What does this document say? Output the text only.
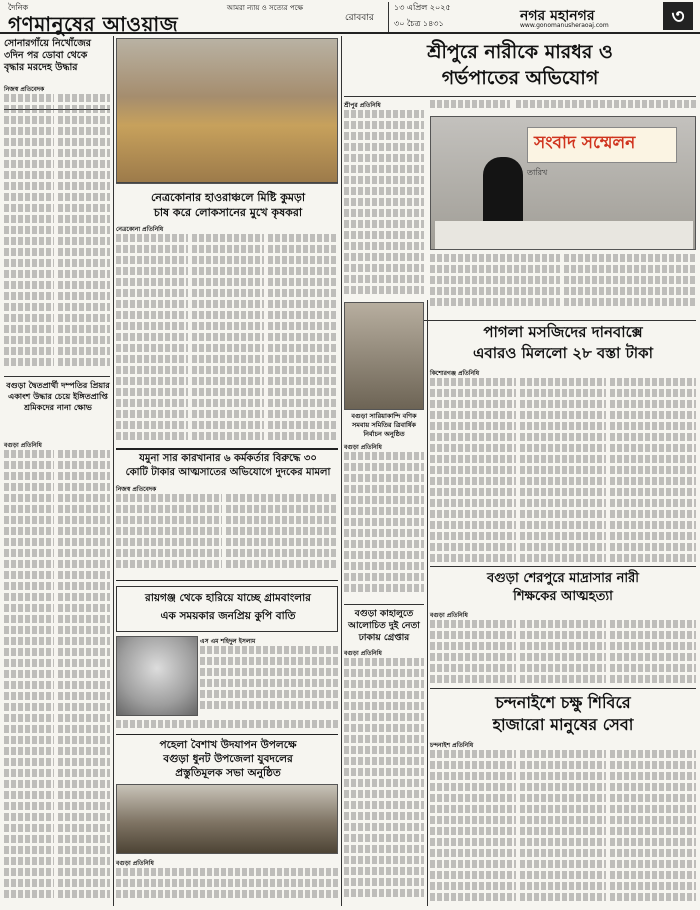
দৈনিক
গণমানুষের আওয়াজ
আমরা ন্যায় ও সত্যের পক্ষে
রোববার
১৩ এপ্রিল ২০২৫
৩০ চৈত্র ১৪৩১	নগর মহানগর
www.gonomanusheraoaj.com	৩
সোনারগাঁয়ে নিখোঁজের ৩দিন পর ডোবা থেকে বৃদ্ধার মরদেহ উদ্ধার
নিজস্ব প্রতিবেদক
বগুড়া দ্বৈতপ্রার্থী দম্পতির প্রিয়ার একাংশ উদ্ধার চেয়ে ইঙ্গিতপ্রাপ্তি শ্রমিকদের নানা ক্ষোভ
বগুড়া প্রতিনিধি
নেত্রকোনার হাওরাঞ্চলে মিষ্টি কুমড়া
চাষ করে লোকসানের মুখে কৃষকরা
নেত্রকোনা প্রতিনিধি
যমুনা সার কারখানার ৬ কর্মকর্তার বিরুদ্ধে ৩০
কোটি টাকার আত্মসাতের অভিযোগে দুদকের মামলা
নিজস্ব প্রতিবেদক
রায়গঞ্জ থেকে হারিয়ে যাচ্ছে গ্রামবাংলার
এক সময়কার জনপ্রিয় কুপি বাতি
এস এম শহিদুল ইসলাম
পহেলা বৈশাখ উদযাপন উপলক্ষে
বগুড়া ধুনট উপজেলা যুবদলের
প্রস্তুতিমূলক সভা অনুষ্ঠিত
বগুড়া প্রতিনিধি
শ্রীপুরে নারীকে মারধর ও
গর্ভপাতের অভিযোগ
শ্রীপুর প্রতিনিধি
সংবাদ সম্মেলন
তারিখ
বগুড়া সারিয়াকান্দি বণিক সমবায় সমিতির ত্রিবার্ষিক নির্বাচন অনুষ্ঠিত
বগুড়া প্রতিনিধি
পাগলা মসজিদের দানবাক্সে
এবারও মিললো ২৮ বস্তা টাকা
কিশোরগঞ্জ প্রতিনিধি
বগুড়া শেরপুরে মাদ্রাসার নারী
শিক্ষকের আত্মহত্যা
বগুড়া কাহালুতে আলোচিত দুই নেতা ঢাকায় গ্রেপ্তার
বগুড়া প্রতিনিধি
বগুড়া প্রতিনিধি
চন্দনাইশে চক্ষু শিবিরে
হাজারো মানুষের সেবা
চন্দনাইশ প্রতিনিধি
